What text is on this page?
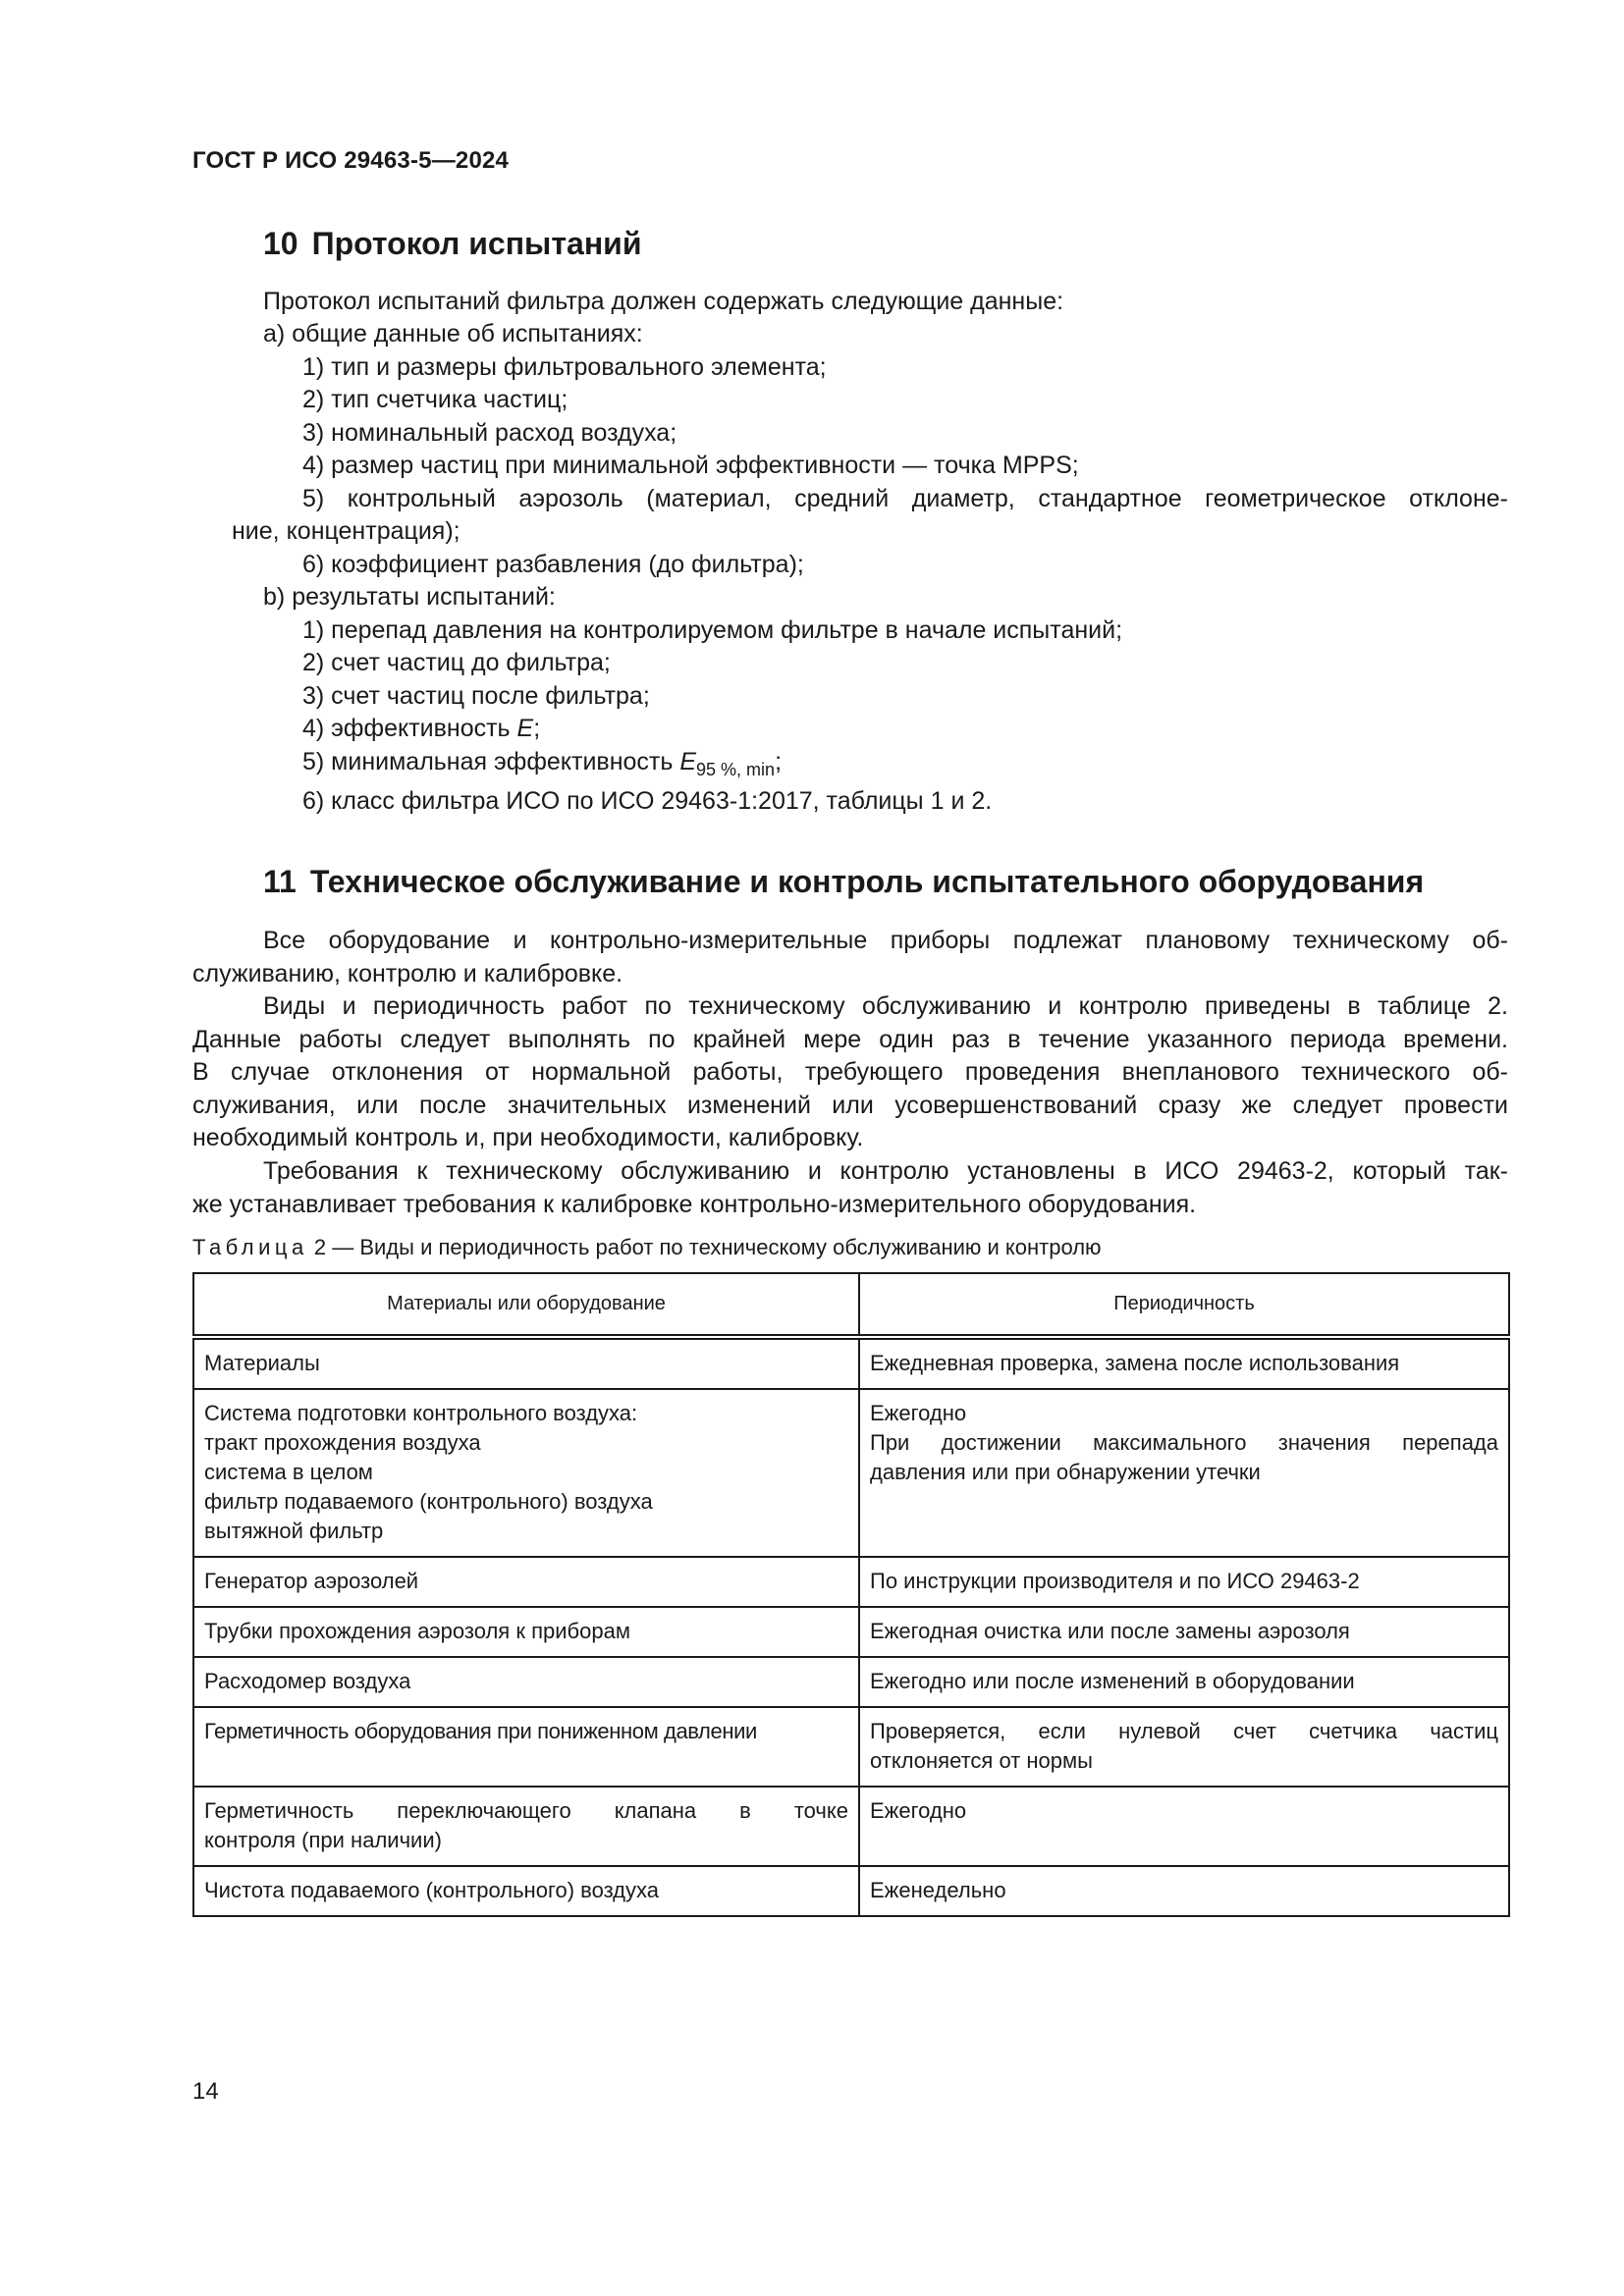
ГОСТ Р ИСО 29463-5—2024
10 Протокол испытаний
Протокол испытаний фильтра должен содержать следующие данные:
а) общие данные об испытаниях:
1) тип и размеры фильтровального элемента;
2) тип счетчика частиц;
3) номинальный расход воздуха;
4) размер частиц при минимальной эффективности — точка MPPS;
5) контрольный аэрозоль (материал, средний диаметр, стандартное геометрическое отклоне-
ние, концентрация);
6) коэффициент разбавления (до фильтра);
b) результаты испытаний:
1) перепад давления на контролируемом фильтре в начале испытаний;
2) счет частиц до фильтра;
3) счет частиц после фильтра;
4) эффективность E;
5) минимальная эффективность $E_{95 \%, min}$;
6) класс фильтра ИСО по ИСО 29463-1:2017, таблицы 1 и 2.
11 Техническое обслуживание и контроль испытательного оборудования
Все оборудование и контрольно-измерительные приборы подлежат плановому техническому об-
служиванию, контролю и калибровке.
Виды и периодичность работ по техническому обслуживанию и контролю приведены в таблице 2.
Данные работы следует выполнять по крайней мере один раз в течение указанного периода времени.
В случае отклонения от нормальной работы, требующего проведения внепланового технического об-
служивания, или после значительных изменений или усовершенствований сразу же следует провести
необходимый контроль и, при необходимости, калибровку.
Требования к техническому обслуживанию и контролю установлены в ИСО 29463-2, который так-
же устанавливает требования к калибровке контрольно-измерительного оборудования.
Таблица 2 — Виды и периодичность работ по техническому обслуживанию и контролю
Материалы или оборудование	Периодичность

Материалы	Ежедневная проверка, замена после использования

Система подготовки контрольного воздуха:
тракт прохождения воздуха
система в целом
фильтр подаваемого (контрольного) воздуха
вытяжной фильтр	Ежегодно
При достижении максимального значения перепада
давления или при обнаружении утечки

Генератор аэрозолей	По инструкции производителя и по ИСО 29463-2

Трубки прохождения аэрозоля к приборам	Ежегодная очистка или после замены аэрозоля

Расходомер воздуха	Ежегодно или после изменений в оборудовании

Герметичность оборудования при пониженном давлении	Проверяется, если нулевой счет счетчика частиц
отклоняется от нормы

Герметичность переключающего клапана в точке
контроля (при наличии)	Ежегодно

Чистота подаваемого (контрольного) воздуха	Еженедельно
14
